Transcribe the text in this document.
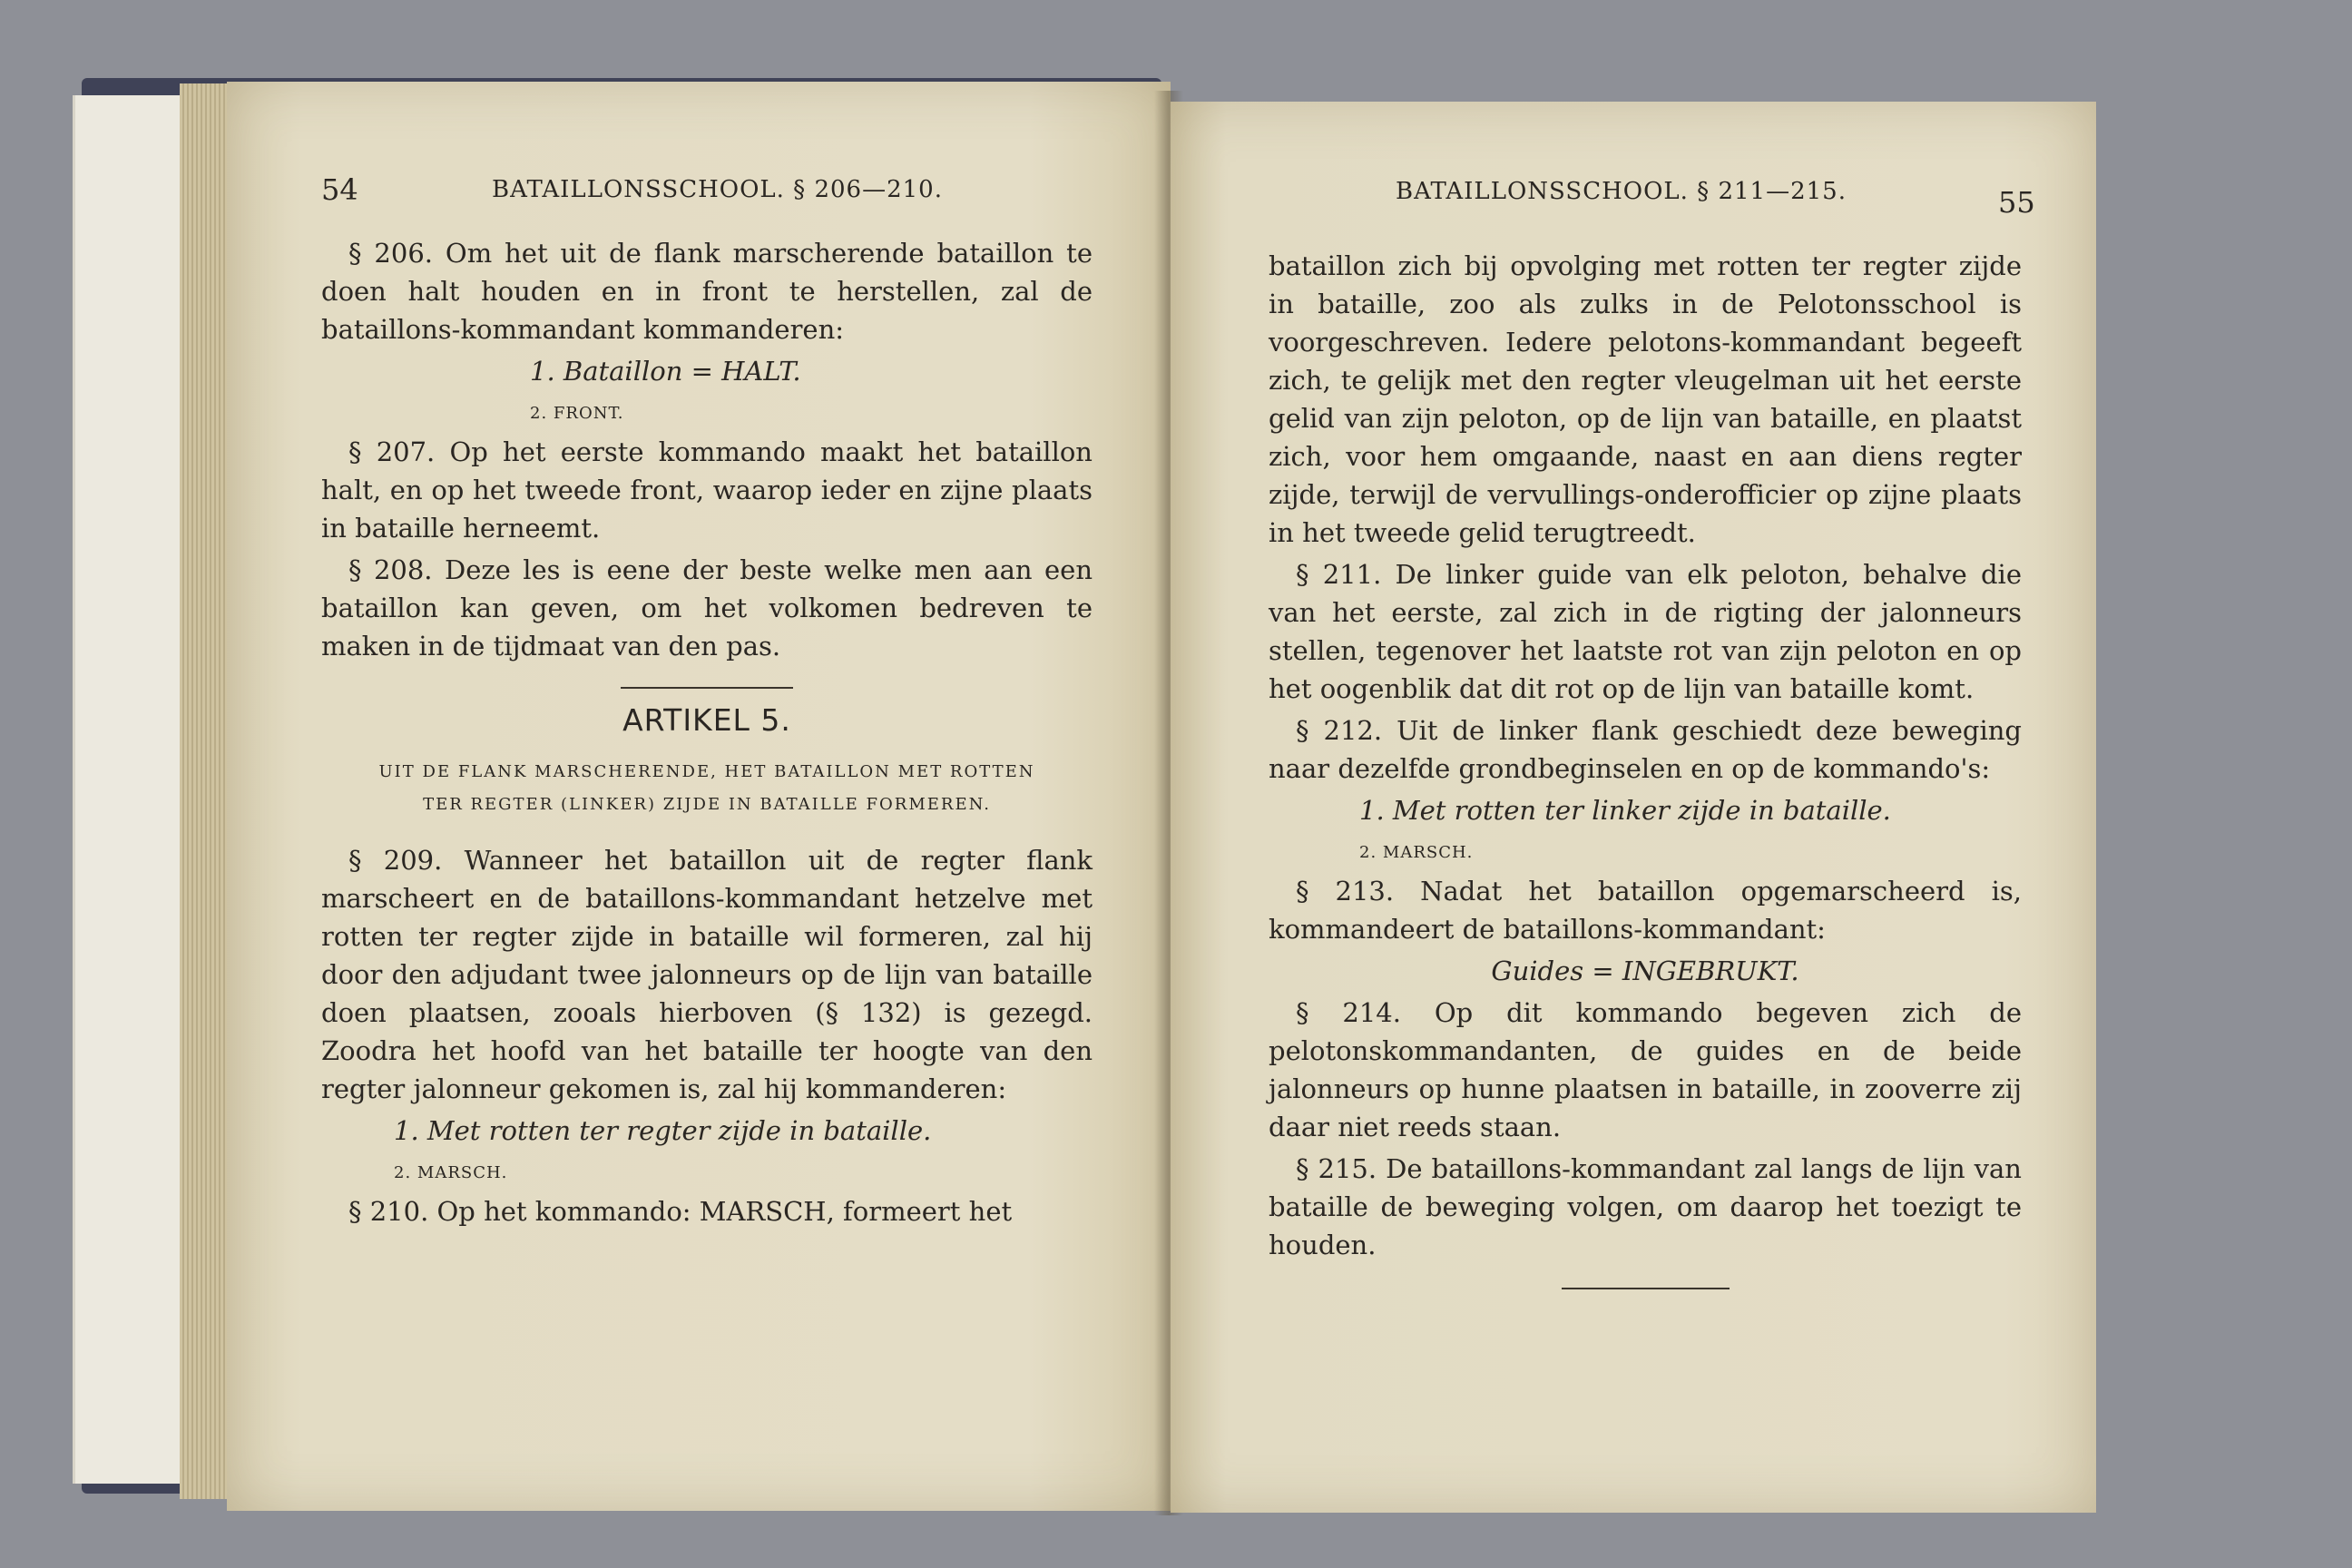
54	BATAILLONSSCHOOL. § 206—210.

§ 206. Om het uit de flank marscherende bataillon te doen halt houden en in front te herstellen, zal de bataillons-kommandant kommanderen:

1. Bataillon = HALT.

2. FRONT.

§ 207. Op het eerste kommando maakt het bataillon halt, en op het tweede front, waarop ieder en zijne plaats in bataille herneemt.

§ 208. Deze les is eene der beste welke men aan een bataillon kan geven, om het volkomen bedreven te maken in de tijdmaat van den pas.

ARTIKEL 5.
UIT DE FLANK MARSCHERENDE, HET BATAILLON MET ROTTEN
TER REGTER (LINKER) ZIJDE IN BATAILLE FORMEREN.

§ 209. Wanneer het bataillon uit de regter flank marscheert en de bataillons-kommandant hetzelve met rotten ter regter zijde in bataille wil formeren, zal hij door den adjudant twee jalonneurs op de lijn van bataille doen plaatsen, zooals hierboven (§ 132) is gezegd. Zoodra het hoofd van het bataille ter hoogte van den regter jalonneur gekomen is, zal hij kommanderen:

1. Met rotten ter regter zijde in bataille.

2. MARSCH.

§ 210. Op het kommando: MARSCH, formeert het

BATAILLONSSCHOOL. § 211—215.	55

bataillon zich bij opvolging met rotten ter regter zijde in bataille, zoo als zulks in de Pelotonsschool is voorgeschreven. Iedere pelotons-kommandant begeeft zich, te gelijk met den regter vleugelman uit het eerste gelid van zijn peloton, op de lijn van bataille, en plaatst zich, voor hem omgaande, naast en aan diens regter zijde, terwijl de vervullings-onderofficier op zijne plaats in het tweede gelid terugtreedt.

§ 211. De linker guide van elk peloton, behalve die van het eerste, zal zich in de rigting der jalonneurs stellen, tegenover het laatste rot van zijn peloton en op het oogenblik dat dit rot op de lijn van bataille komt.

§ 212. Uit de linker flank geschiedt deze beweging naar dezelfde grondbeginselen en op de kommando's:

1. Met rotten ter linker zijde in bataille.

2. MARSCH.

§ 213. Nadat het bataillon opgemarscheerd is, kommandeert de bataillons-kommandant:

Guides = INGEBRUKT.

§ 214. Op dit kommando begeven zich de pelotonskommandanten, de guides en de beide jalonneurs op hunne plaatsen in bataille, in zooverre zij daar niet reeds staan.

§ 215. De bataillons-kommandant zal langs de lijn van bataille de beweging volgen, om daarop het toezigt te houden.
